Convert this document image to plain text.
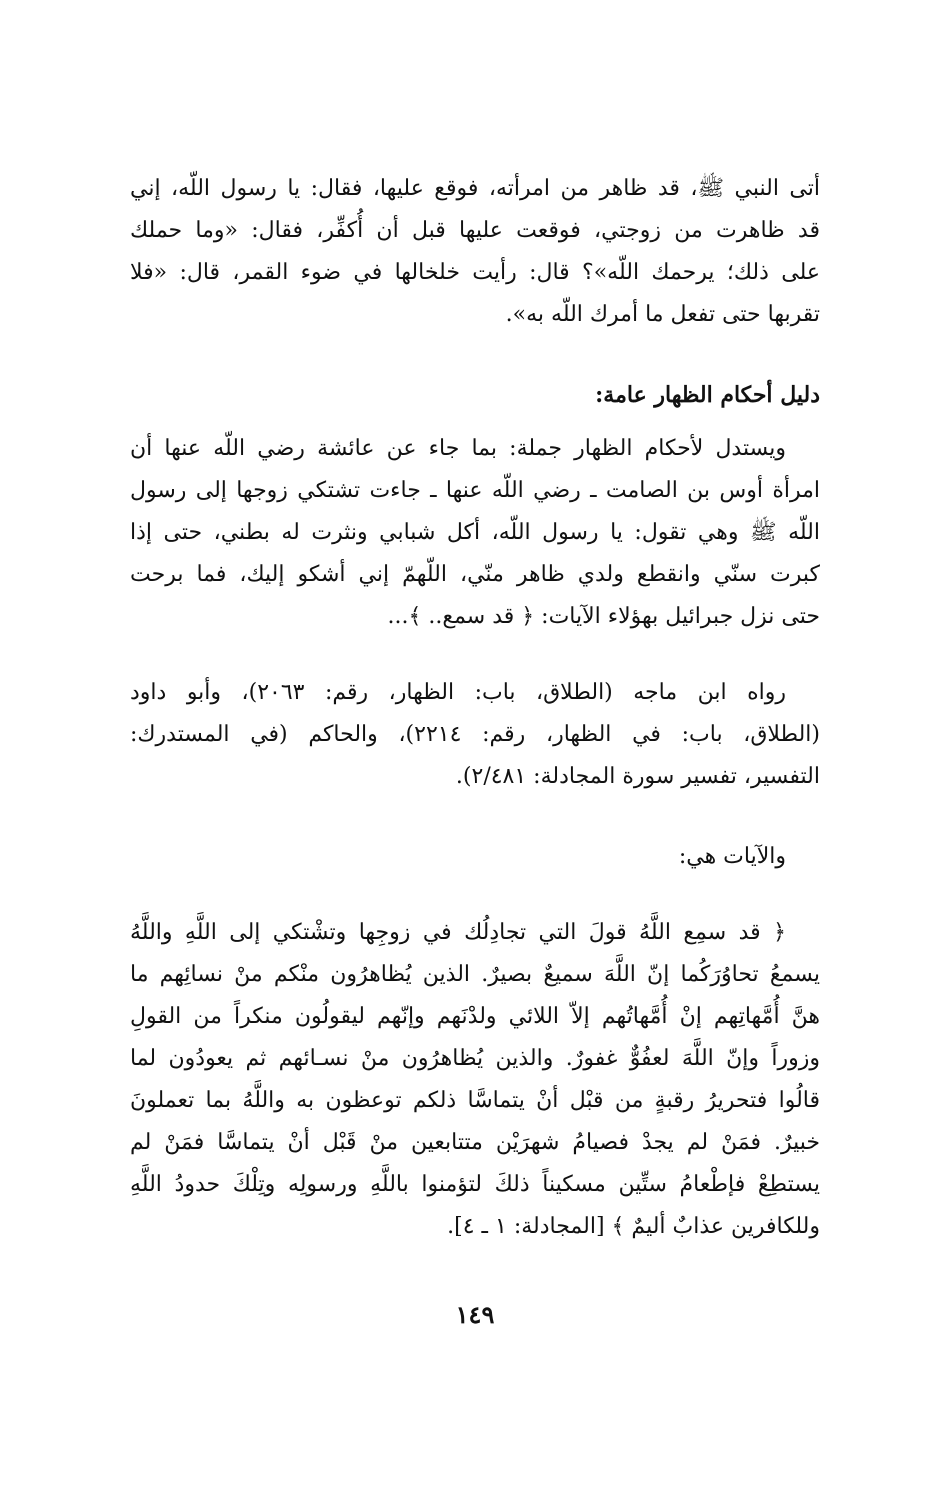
أتى النبي ﷺ، قد ظاهر من امرأته، فوقع عليها، فقال: يا رسول اللّه، إني
قد ظاهرت من زوجتي، فوقعت عليها قبل أن أُكفِّر، فقال: «وما حملك
على ذلك؛ يرحمك اللّه»؟ قال: رأيت خلخالها في ضوء القمر، قال: «فلا
تقربها حتى تفعل ما أمرك اللّه به».
دليل أحكام الظهار عامة:
ويستدل لأحكام الظهار جملة: بما جاء عن عائشة رضي اللّه عنها أن
امرأة أوس بن الصامت ـ رضي اللّه عنها ـ جاءت تشتكي زوجها إلى رسول
اللّه ﷺ وهي تقول: يا رسول اللّه، أكل شبابي ونثرت له بطني، حتى إذا
كبرت سنّي وانقطع ولدي ظاهر منّي، اللّهمّ إني أشكو إليك، فما برحت
حتى نزل جبرائيل بهؤلاء الآيات: ﴿ قد سمع.. ﴾...
رواه ابن ماجه (الطلاق، باب: الظهار، رقم: ٢٠٦٣)، وأبو داود
(الطلاق، باب: في الظهار، رقم: ٢٢١٤)، والحاكم (في المستدرك:
التفسير، تفسير سورة المجادلة: ٢/٤٨١).
والآيات هي:
﴿ قد سمِع اللَّهُ قولَ التي تجادِلُك في زوجِها وتشْتكي إلى اللَّهِ واللَّهُ
يسمعُ تحاوُرَكُما إنّ اللَّهَ سميعٌ بصيرٌ. الذين يُظاهرُون منْكم منْ نسائِهم ما
هنَّ أُمَّهاتِهم إنْ أُمَّهاتُهم إلاّ اللائي ولدْنَهم وإنّهم ليقولُون منكراً من القولِ
وزوراً وإنّ اللَّهَ لعفُوٌّ غفورٌ. والذين يُظاهرُون منْ نسـائهم ثم يعودُون لما
قالُوا فتحريرُ رقبةٍ من قبْل أنْ يتماسَّا ذلكم توعظون به واللَّهُ بما تعملونَ
خبيرٌ. فمَنْ لم يجدْ فصيامُ شهرَيْن متتابعين منْ قَبْل أنْ يتماسَّا فمَنْ لم
يستطِعْ فإطْعامُ ستِّين مسكيناً ذلكَ لتؤمنوا باللَّهِ ورسولِه وتِلْكَ حدودُ اللَّهِ
وللكافرين عذابٌ أليمٌ ﴾ [المجادلة: ١ ـ ٤].
١٤٩
